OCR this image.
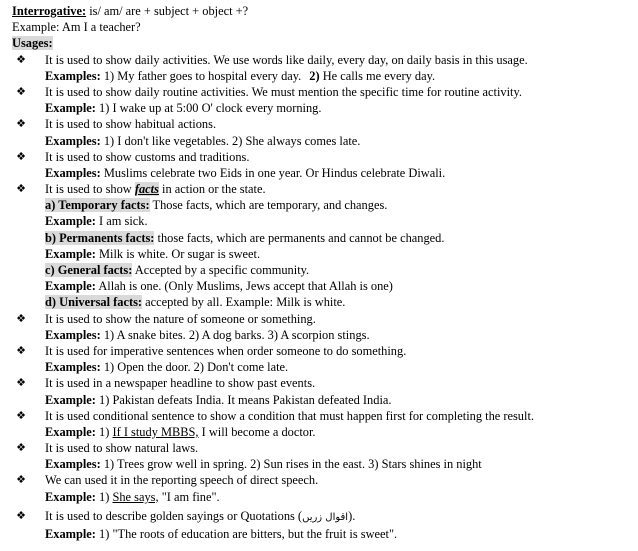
Interrogative: is/ am/ are + subject + object +?
Example: Am I a teacher?
Usages:
❖ It is used to show daily activities. We use words like daily, every day, on daily basis in this usage.
Examples: 1) My father goes to hospital every day. 2) He calls me every day.
❖ It is used to show daily routine activities. We must mention the specific time for routine activity.
Example: 1) I wake up at 5:00 O' clock every morning.
❖ It is used to show habitual actions.
Examples: 1) I don't like vegetables. 2) She always comes late.
❖ It is used to show customs and traditions.
Examples: Muslims celebrate two Eids in one year. Or Hindus celebrate Diwali.
❖ It is used to show facts in action or the state.
a) Temporary facts: Those facts, which are temporary, and changes.
Example: I am sick.
b) Permanents facts: those facts, which are permanents and cannot be changed.
Example: Milk is white. Or sugar is sweet.
c) General facts: Accepted by a specific community.
Example: Allah is one. (Only Muslims, Jews accept that Allah is one)
d) Universal facts: accepted by all. Example: Milk is white.
❖ It is used to show the nature of someone or something.
Examples: 1) A snake bites. 2) A dog barks. 3) A scorpion stings.
❖ It is used for imperative sentences when order someone to do something.
Examples: 1) Open the door. 2) Don't come late.
❖ It is used in a newspaper headline to show past events.
Example: 1) Pakistan defeats India. It means Pakistan defeated India.
❖ It is used conditional sentence to show a condition that must happen first for completing the result.
Example: 1) If I study MBBS, I will become a doctor.
❖ It is used to show natural laws.
Examples: 1) Trees grow well in spring. 2) Sun rises in the east. 3) Stars shines in night
❖ We can used it in the reporting speech of direct speech.
Example: 1) She says, "I am fine".
❖ It is used to describe golden sayings or Quotations (اقوال زریں).
Example: 1) "The roots of education are bitters, but the fruit is sweet".
